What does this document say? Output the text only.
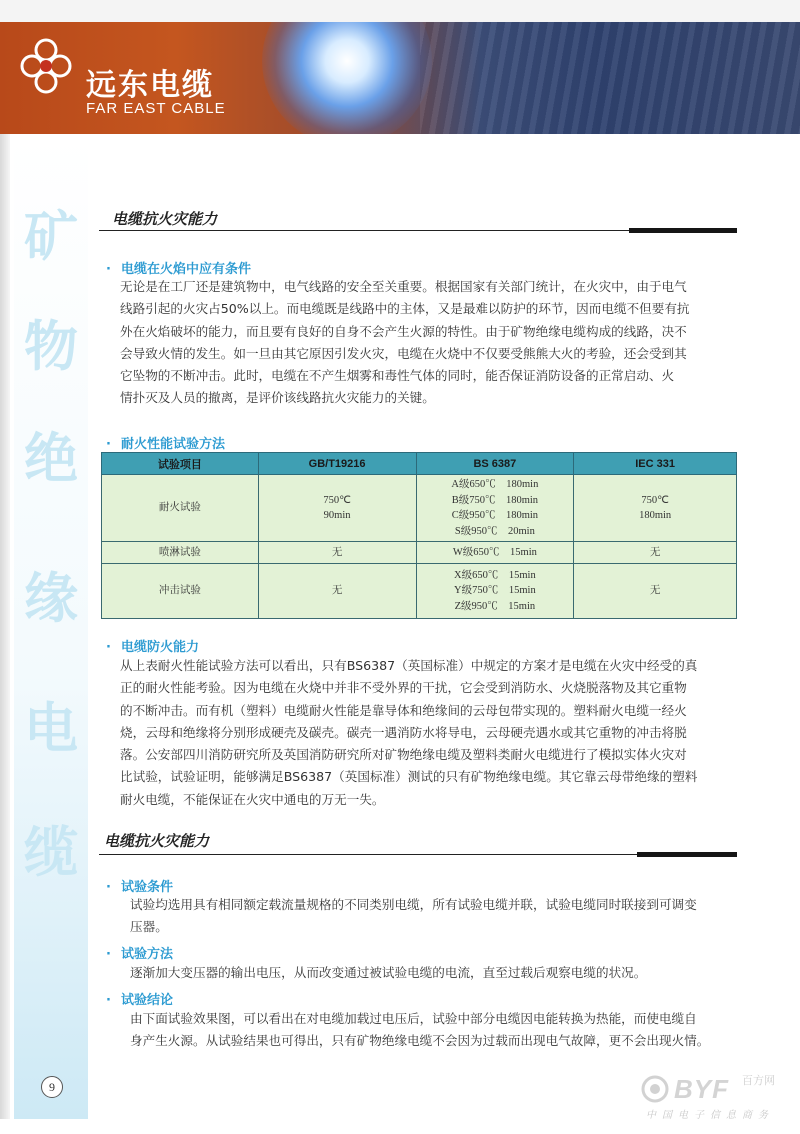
远东电缆
FAR EAST CABLE
矿
物
绝
缘
电
缆
9
电缆抗火灾能力
· 电缆在火焰中应有条件
无论是在工厂还是建筑物中，电气线路的安全至关重要。根据国家有关部门统计，在火灾中，由于电气
线路引起的火灾占50%以上。而电缆既是线路中的主体，又是最难以防护的环节，因而电缆不但要有抗
外在火焰破坏的能力，而且要有良好的自身不会产生火源的特性。由于矿物绝缘电缆构成的线路，决不
会导致火情的发生。如一旦由其它原因引发火灾，电缆在火烧中不仅要受熊熊大火的考验，还会受到其
它坠物的不断冲击。此时，电缆在不产生烟雾和毒性气体的同时，能否保证消防设备的正常启动、火
情扑灭及人员的撤离，是评价该线路抗火灾能力的关键。
· 耐火性能试验方法
试验项目	GB/T19216	BS 6387	IEC 331
耐火试验	750℃
90min	A级650℃　180min
B级750℃　180min
C级950℃　180min
S级950℃　20min	750℃
180min

喷淋试验	无	W级650℃　15min	无
冲击试验	无	X级650℃　15min
Y级750℃　15min
Z级950℃　15min	无
· 电缆防火能力
从上表耐火性能试验方法可以看出，只有BS6387（英国标准）中规定的方案才是电缆在火灾中经受的真
正的耐火性能考验。因为电缆在火烧中并非不受外界的干扰，它会受到消防水、火烧脱落物及其它重物
的不断冲击。而有机（塑料）电缆耐火性能是靠导体和绝缘间的云母包带实现的。塑料耐火电缆一经火
烧，云母和绝缘将分别形成硬壳及碳壳。碳壳一遇消防水将导电，云母硬壳遇水或其它重物的冲击将脱
落。公安部四川消防研究所及英国消防研究所对矿物绝缘电缆及塑料类耐火电缆进行了模拟实体火灾对
比试验，试验证明，能够满足BS6387（英国标准）测试的只有矿物绝缘电缆。其它靠云母带绝缘的塑料
耐火电缆，不能保证在火灾中通电的万无一失。
电缆抗火灾能力
· 试验条件
试验均选用具有相同额定载流量规格的不同类别电缆，所有试验电缆并联，试验电缆同时联接到可调变
压器。
· 试验方法
逐渐加大变压器的输出电压，从而改变通过被试验电缆的电流，直至过载后观察电缆的状况。
· 试验结论
由下面试验效果图，可以看出在对电缆加载过电压后，试验中部分电缆因电能转换为热能，而使电缆自
身产生火源。从试验结果也可得出，只有矿物绝缘电缆不会因为过载而出现电气故障，更不会出现火情。
BYF 百方网
中国电子信息商务
